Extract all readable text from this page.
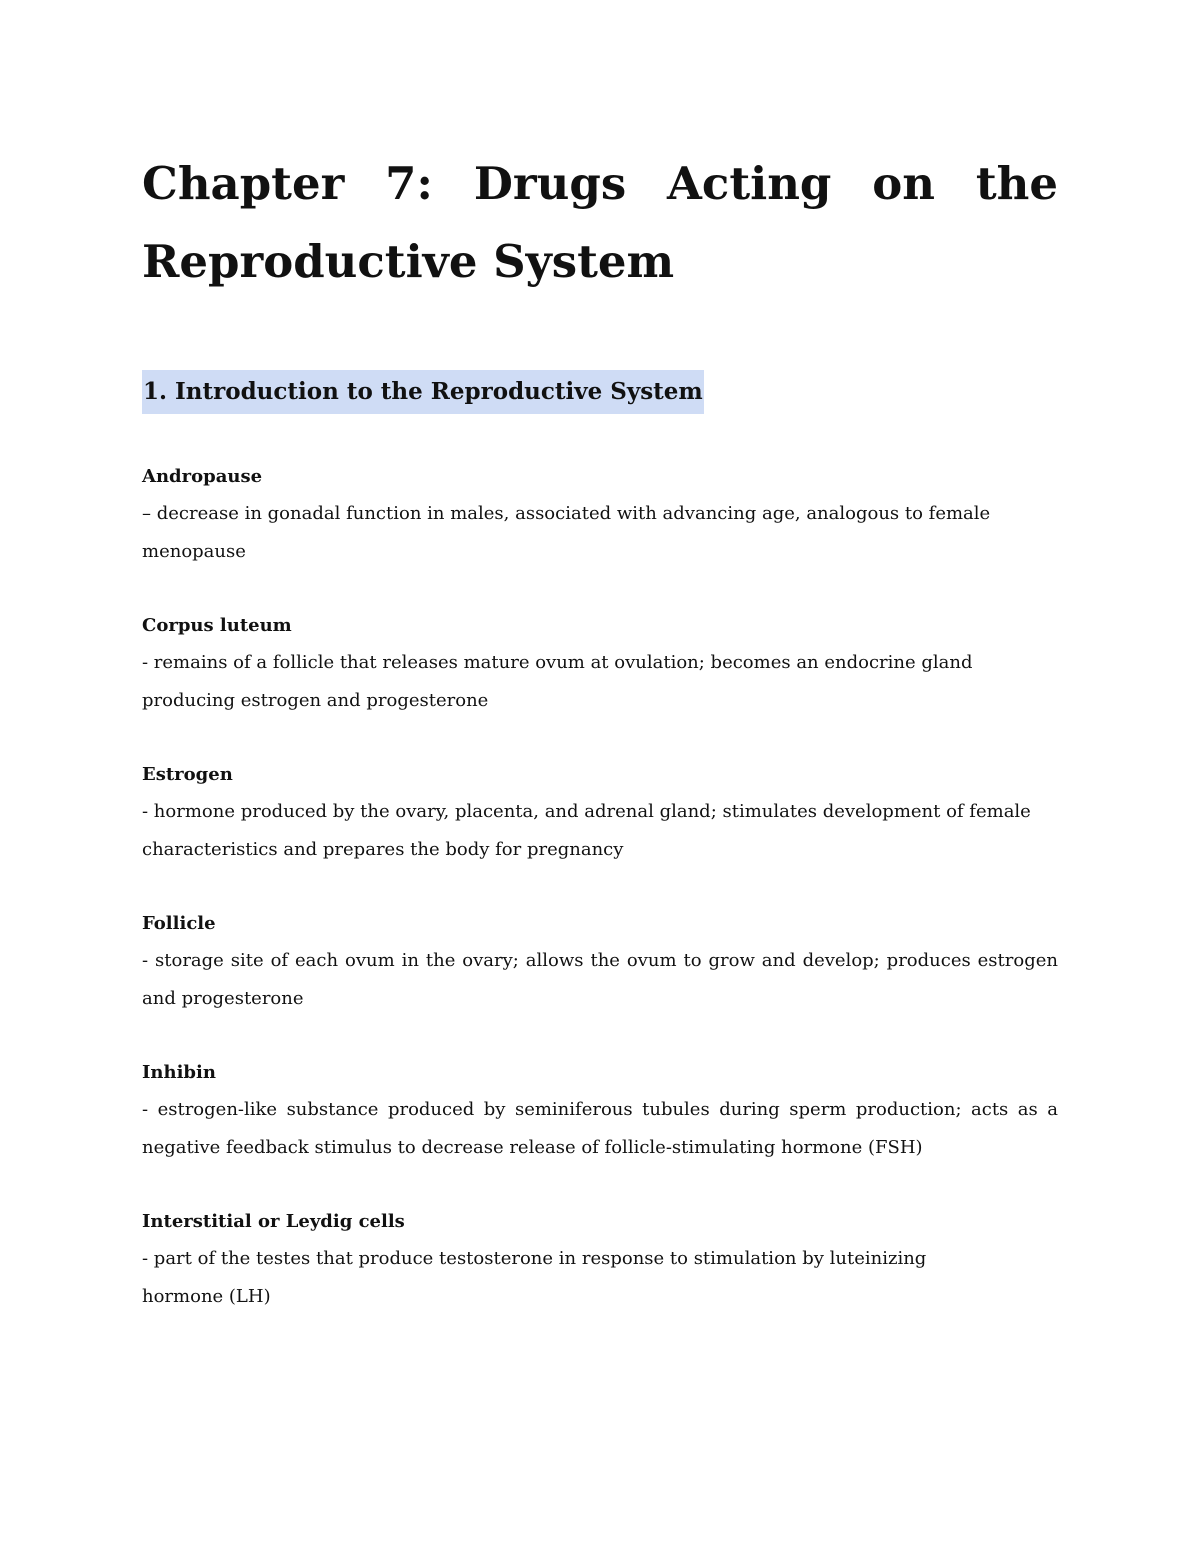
Chapter 7: Drugs Acting on the
Reproductive System
1. Introduction to the Reproductive System
Andropause
– decrease in gonadal function in males, associated with advancing age, analogous to female menopause
Corpus luteum
- remains of a follicle that releases mature ovum at ovulation; becomes an endocrine gland producing estrogen and progesterone
Estrogen
- hormone produced by the ovary, placenta, and adrenal gland; stimulates development of female
characteristics and prepares the body for pregnancy
Follicle
- storage site of each ovum in the ovary; allows the ovum to grow and develop; produces estrogen and progesterone
Inhibin
- estrogen-like substance produced by seminiferous tubules during sperm production; acts as a negative feedback stimulus to decrease release of follicle-stimulating hormone (FSH)
Interstitial or Leydig cells
- part of the testes that produce testosterone in response to stimulation by luteinizing
hormone (LH)
